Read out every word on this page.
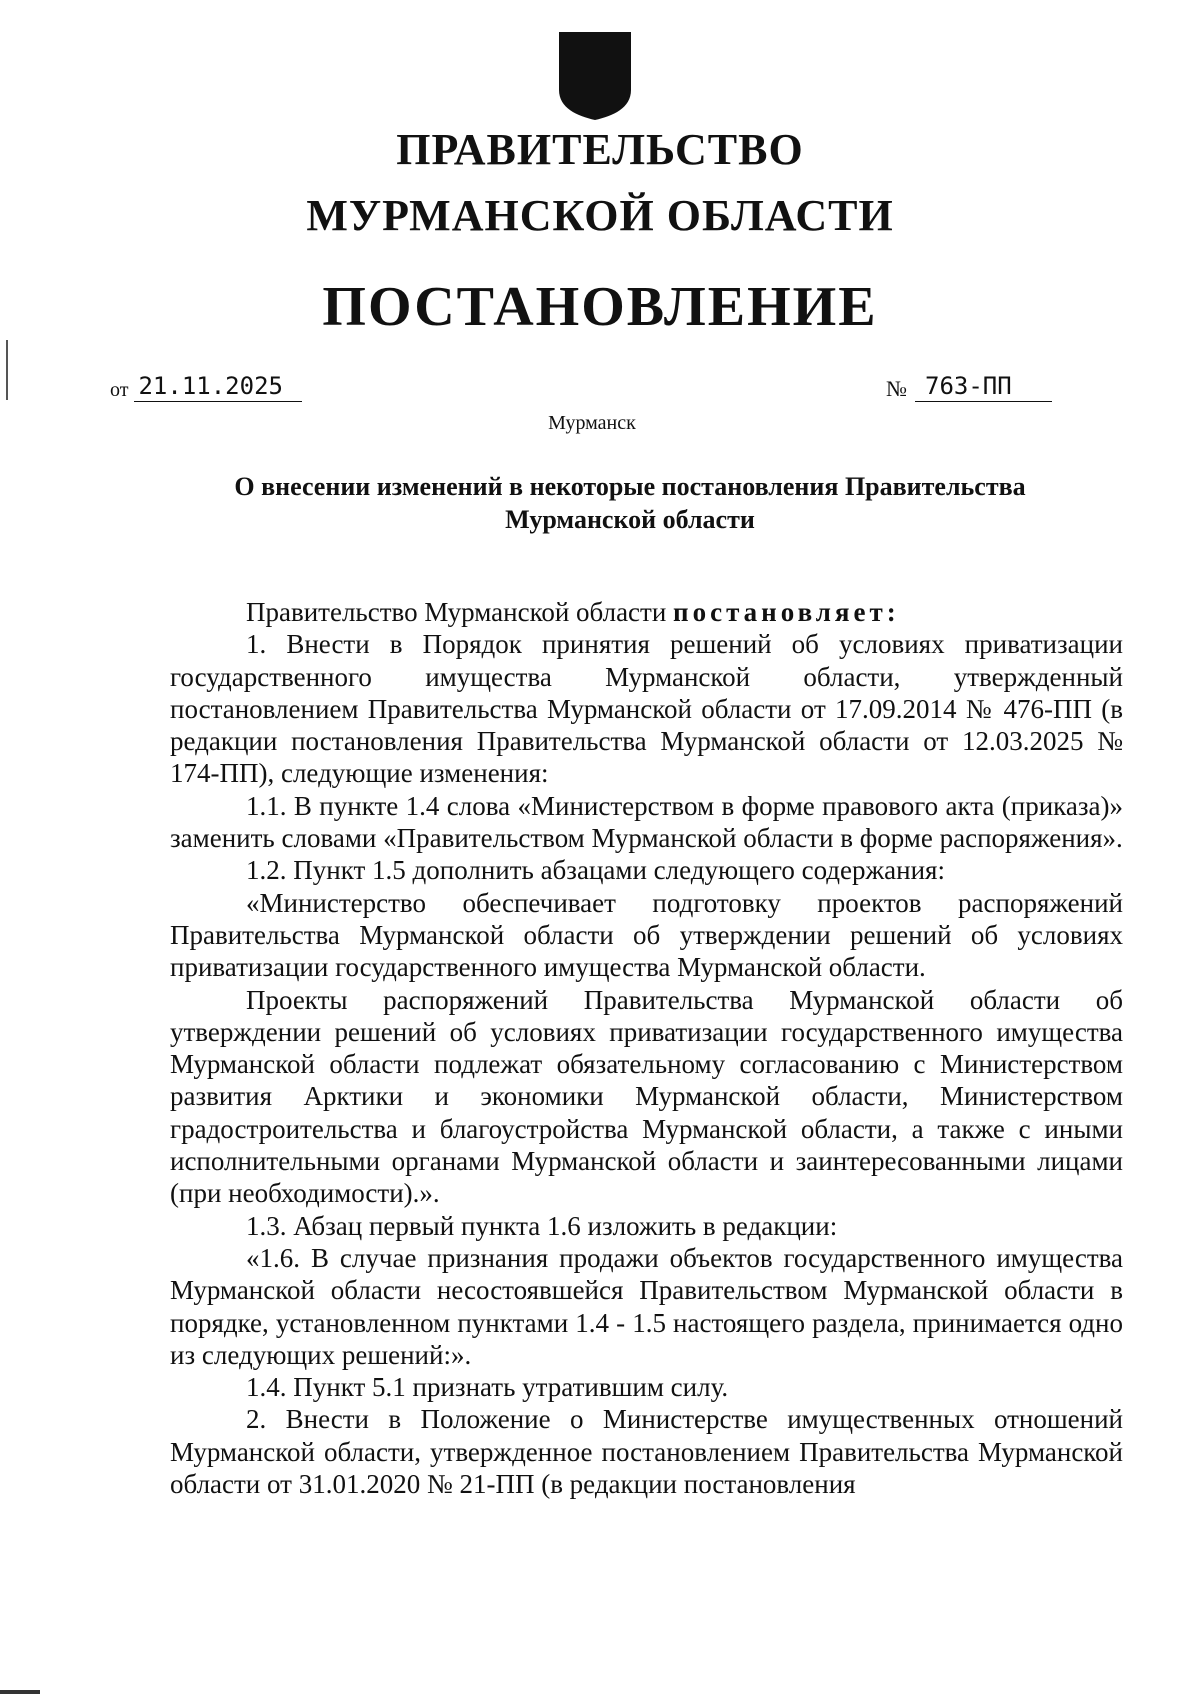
ПРАВИТЕЛЬСТВО
МУРМАНСКОЙ ОБЛАСТИ
ПОСТАНОВЛЕНИЕ
от 21.11.2025	№ 763-ПП
Мурманск
О внесении изменений в некоторые постановления Правительства
Мурманской области

Правительство Мурманской области постановляет:

1. Внести в Порядок принятия решений об условиях приватизации государственного имущества Мурманской области, утвержденный постановлением Правительства Мурманской области от 17.09.2014 № 476-ПП (в редакции постановления Правительства Мурманской области от 12.03.2025 № 174-ПП), следующие изменения:

1.1. В пункте 1.4 слова «Министерством в форме правового акта (приказа)» заменить словами «Правительством Мурманской области в форме распоряжения».

1.2. Пункт 1.5 дополнить абзацами следующего содержания:

«Министерство обеспечивает подготовку проектов распоряжений Правительства Мурманской области об утверждении решений об условиях приватизации государственного имущества Мурманской области.

Проекты распоряжений Правительства Мурманской области об утверждении решений об условиях приватизации государственного имущества Мурманской области подлежат обязательному согласованию с Министерством развития Арктики и экономики Мурманской области, Министерством градостроительства и благоустройства Мурманской области, а также с иными исполнительными органами Мурманской области и заинтересованными лицами (при необходимости).».

1.3. Абзац первый пункта 1.6 изложить в редакции:

«1.6. В случае признания продажи объектов государственного имущества Мурманской области несостоявшейся Правительством Мурманской области в порядке, установленном пунктами 1.4 - 1.5 настоящего раздела, принимается одно из следующих решений:».

1.4. Пункт 5.1 признать утратившим силу.

2. Внести в Положение о Министерстве имущественных отношений Мурманской области, утвержденное постановлением Правительства Мурманской области от 31.01.2020 № 21-ПП (в редакции постановления
